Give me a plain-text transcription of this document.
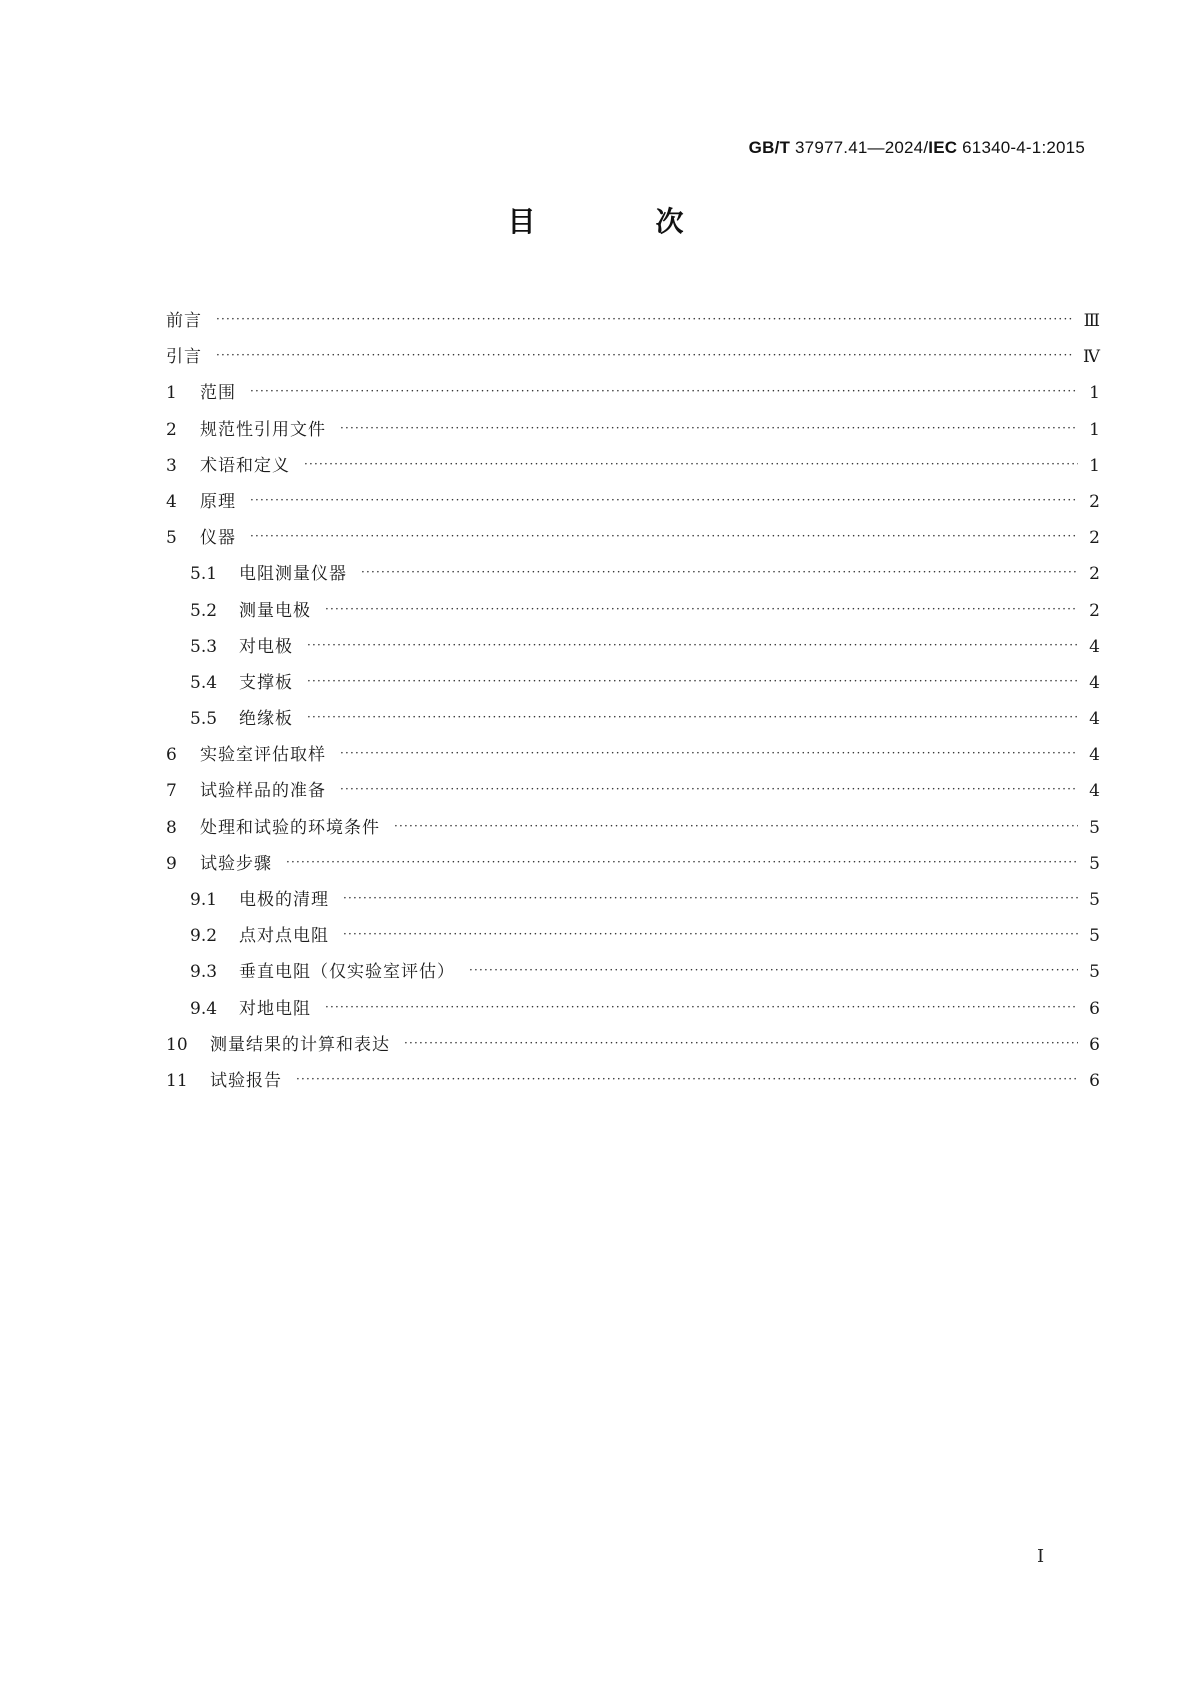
GB/T 37977.41—2024/IEC 61340-4-1:2015
目　次
前言 ·····	Ⅲ
引言 ·····	Ⅳ
1	范围 ·····	1
2	规范性引用文件 ·····	1
3	术语和定义 ·····	1
4	原理 ·····	2
5	仪器 ·····	2
5.1	电阻测量仪器 ·····	2
5.2	测量电极 ·····	2
5.3	对电极 ·····	4
5.4	支撑板 ·····	4
5.5	绝缘板 ·····	4
6	实验室评估取样 ·····	4
7	试验样品的准备 ·····	4
8	处理和试验的环境条件 ·····	5
9	试验步骤 ·····	5
9.1	电极的清理 ·····	5
9.2	点对点电阻 ·····	5
9.3	垂直电阻（仅实验室评估） ·····	5
9.4	对地电阻 ·····	6
10	测量结果的计算和表达 ·····	6
11	试验报告 ·····	6
I
